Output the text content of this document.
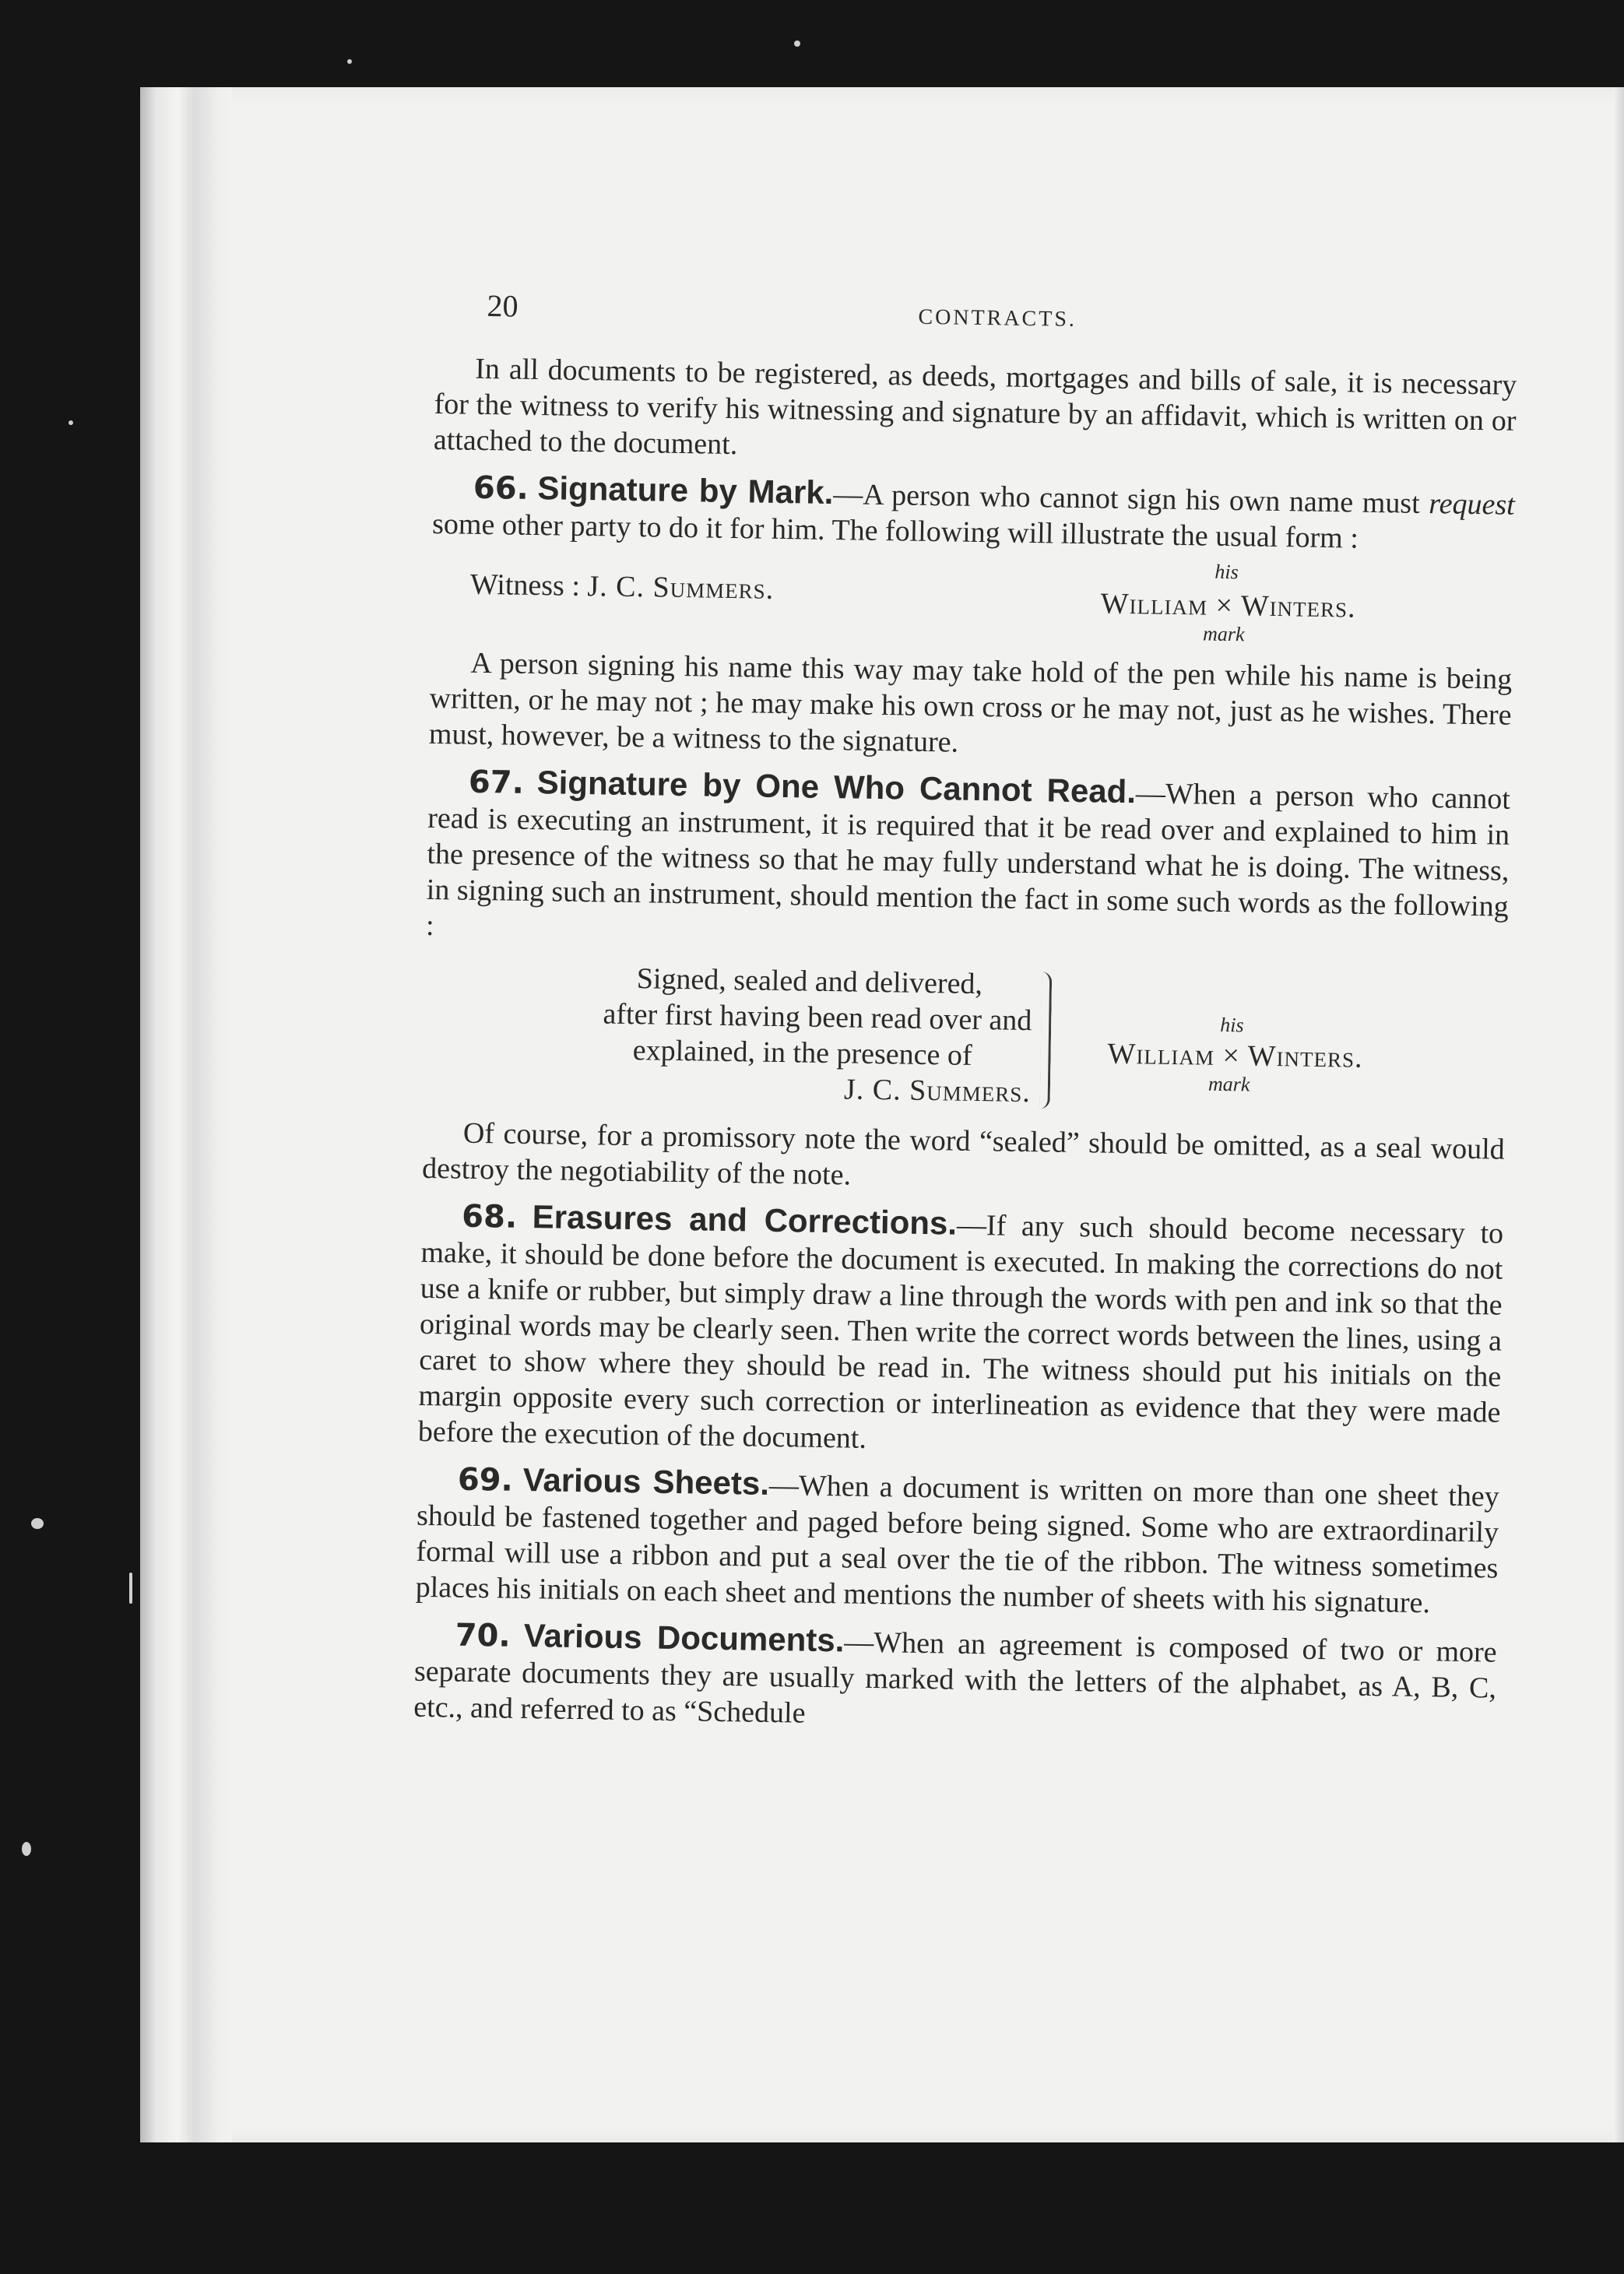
20	CONTRACTS.

In all documents to be registered, as deeds, mortgages and bills of sale, it is necessary for the witness to verify his witnessing and signature by an affidavit, which is written on or attached to the document.

66. Signature by Mark.—A person who cannot sign his own name must request some other party to do it for him. The following will illustrate the usual form :

Witness : J. C. Summers.	his
William × Winters.
mark

A person signing his name this way may take hold of the pen while his name is being written, or he may not ; he may make his own cross or he may not, just as he wishes. There must, however, be a witness to the signature.

67. Signature by One Who Cannot Read.—When a person who cannot read is executing an instrument, it is required that it be read over and explained to him in the presence of the witness so that he may fully understand what he is doing. The witness, in signing such an instrument, should mention the fact in some such words as the following :

Signed, sealed and delivered,
after first having been read over and
explained, in the presence of
J. C. Summers.
his
William × Winters.
mark

Of course, for a promissory note the word “sealed” should be omitted, as a seal would destroy the negotiability of the note.

68. Erasures and Corrections.—If any such should become necessary to make, it should be done before the document is executed. In making the corrections do not use a knife or rubber, but simply draw a line through the words with pen and ink so that the original words may be clearly seen. Then write the correct words between the lines, using a caret to show where they should be read in. The witness should put his initials on the margin opposite every such correction or interlineation as evidence that they were made before the execution of the document.

69. Various Sheets.—When a document is written on more than one sheet they should be fastened together and paged before being signed. Some who are extraordinarily formal will use a ribbon and put a seal over the tie of the ribbon. The witness sometimes places his initials on each sheet and mentions the number of sheets with his signature.

70. Various Documents.—When an agreement is composed of two or more separate documents they are usually marked with the letters of the alphabet, as A, B, C, etc., and referred to as “Schedule
